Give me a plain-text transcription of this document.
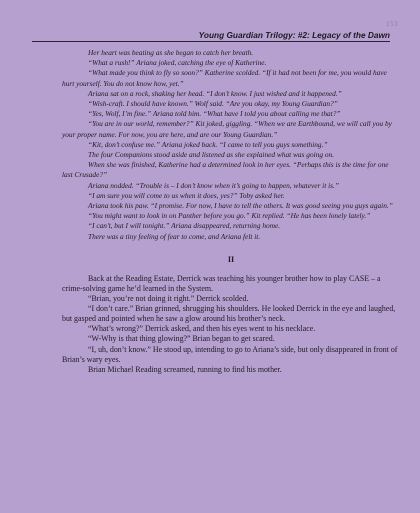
153
Young Guardian Trilogy: #2: Legacy of the Dawn

Her heart was beating as she began to catch her breath.

“What a rush!” Ariana joked, catching the eye of Katherine.

“What made you think to fly so soon?” Katherine scolded. “If it had not been for me, you would have hurt yourself. You do not know how, yet.”

Ariana sat on a rock, shaking her head. “I don’t know. I just wished and it happened.”

“Wish-craft. I should have known.” Wolf said. “Are you okay, my Young Guardian?”

“Yes, Wolf, I’m fine.” Ariana told him. “What have I told you about calling me that?”

“You are in our world, remember?” Kit joked, giggling. “When we are Earthbound, we will call you by your proper name. For now, you are here, and are our Young Guardian.”

“Kit, don’t confuse me.” Ariana joked back. “I came to tell you guys something.”

The four Companions stood aside and listened as she explained what was going on.

When she was finished, Katherine had a determined look in her eyes. “Perhaps this is the time for one last Crusade?”

Ariana nodded. “Trouble is – I don’t know when it’s going to happen, whatever it is.”

“I am sure you will come to us when it does, yes?” Toby asked her.

Ariana took his paw. “I promise. For now, I have to tell the others. It was good seeing you guys again.”

“You might want to look in on Panther before you go.” Kit replied. “He has been lonely lately.”

“I can’t, but I will tonight.” Ariana disappeared, returning home.

There was a tiny feeling of fear to come, and Ariana felt it.

II

Back at the Reading Estate, Derrick was teaching his younger brother how to play CASE – a crime-solving game he’d learned in the System.

“Brian, you’re not doing it right.” Derrick scolded.

“I don’t care.” Brian grinned, shrugging his shoulders. He looked Derrick in the eye and laughed, but gasped and pointed when he saw a glow around his brother’s neck.

“What’s wrong?” Derrick asked, and then his eyes went to his necklace.

“W-Why is that thing glowing?” Brian began to get scared.

“I, uh, don’t know.” He stood up, intending to go to Ariana’s side, but only disappeared in front of Brian’s wary eyes.

Brian Michael Reading screamed, running to find his mother.
